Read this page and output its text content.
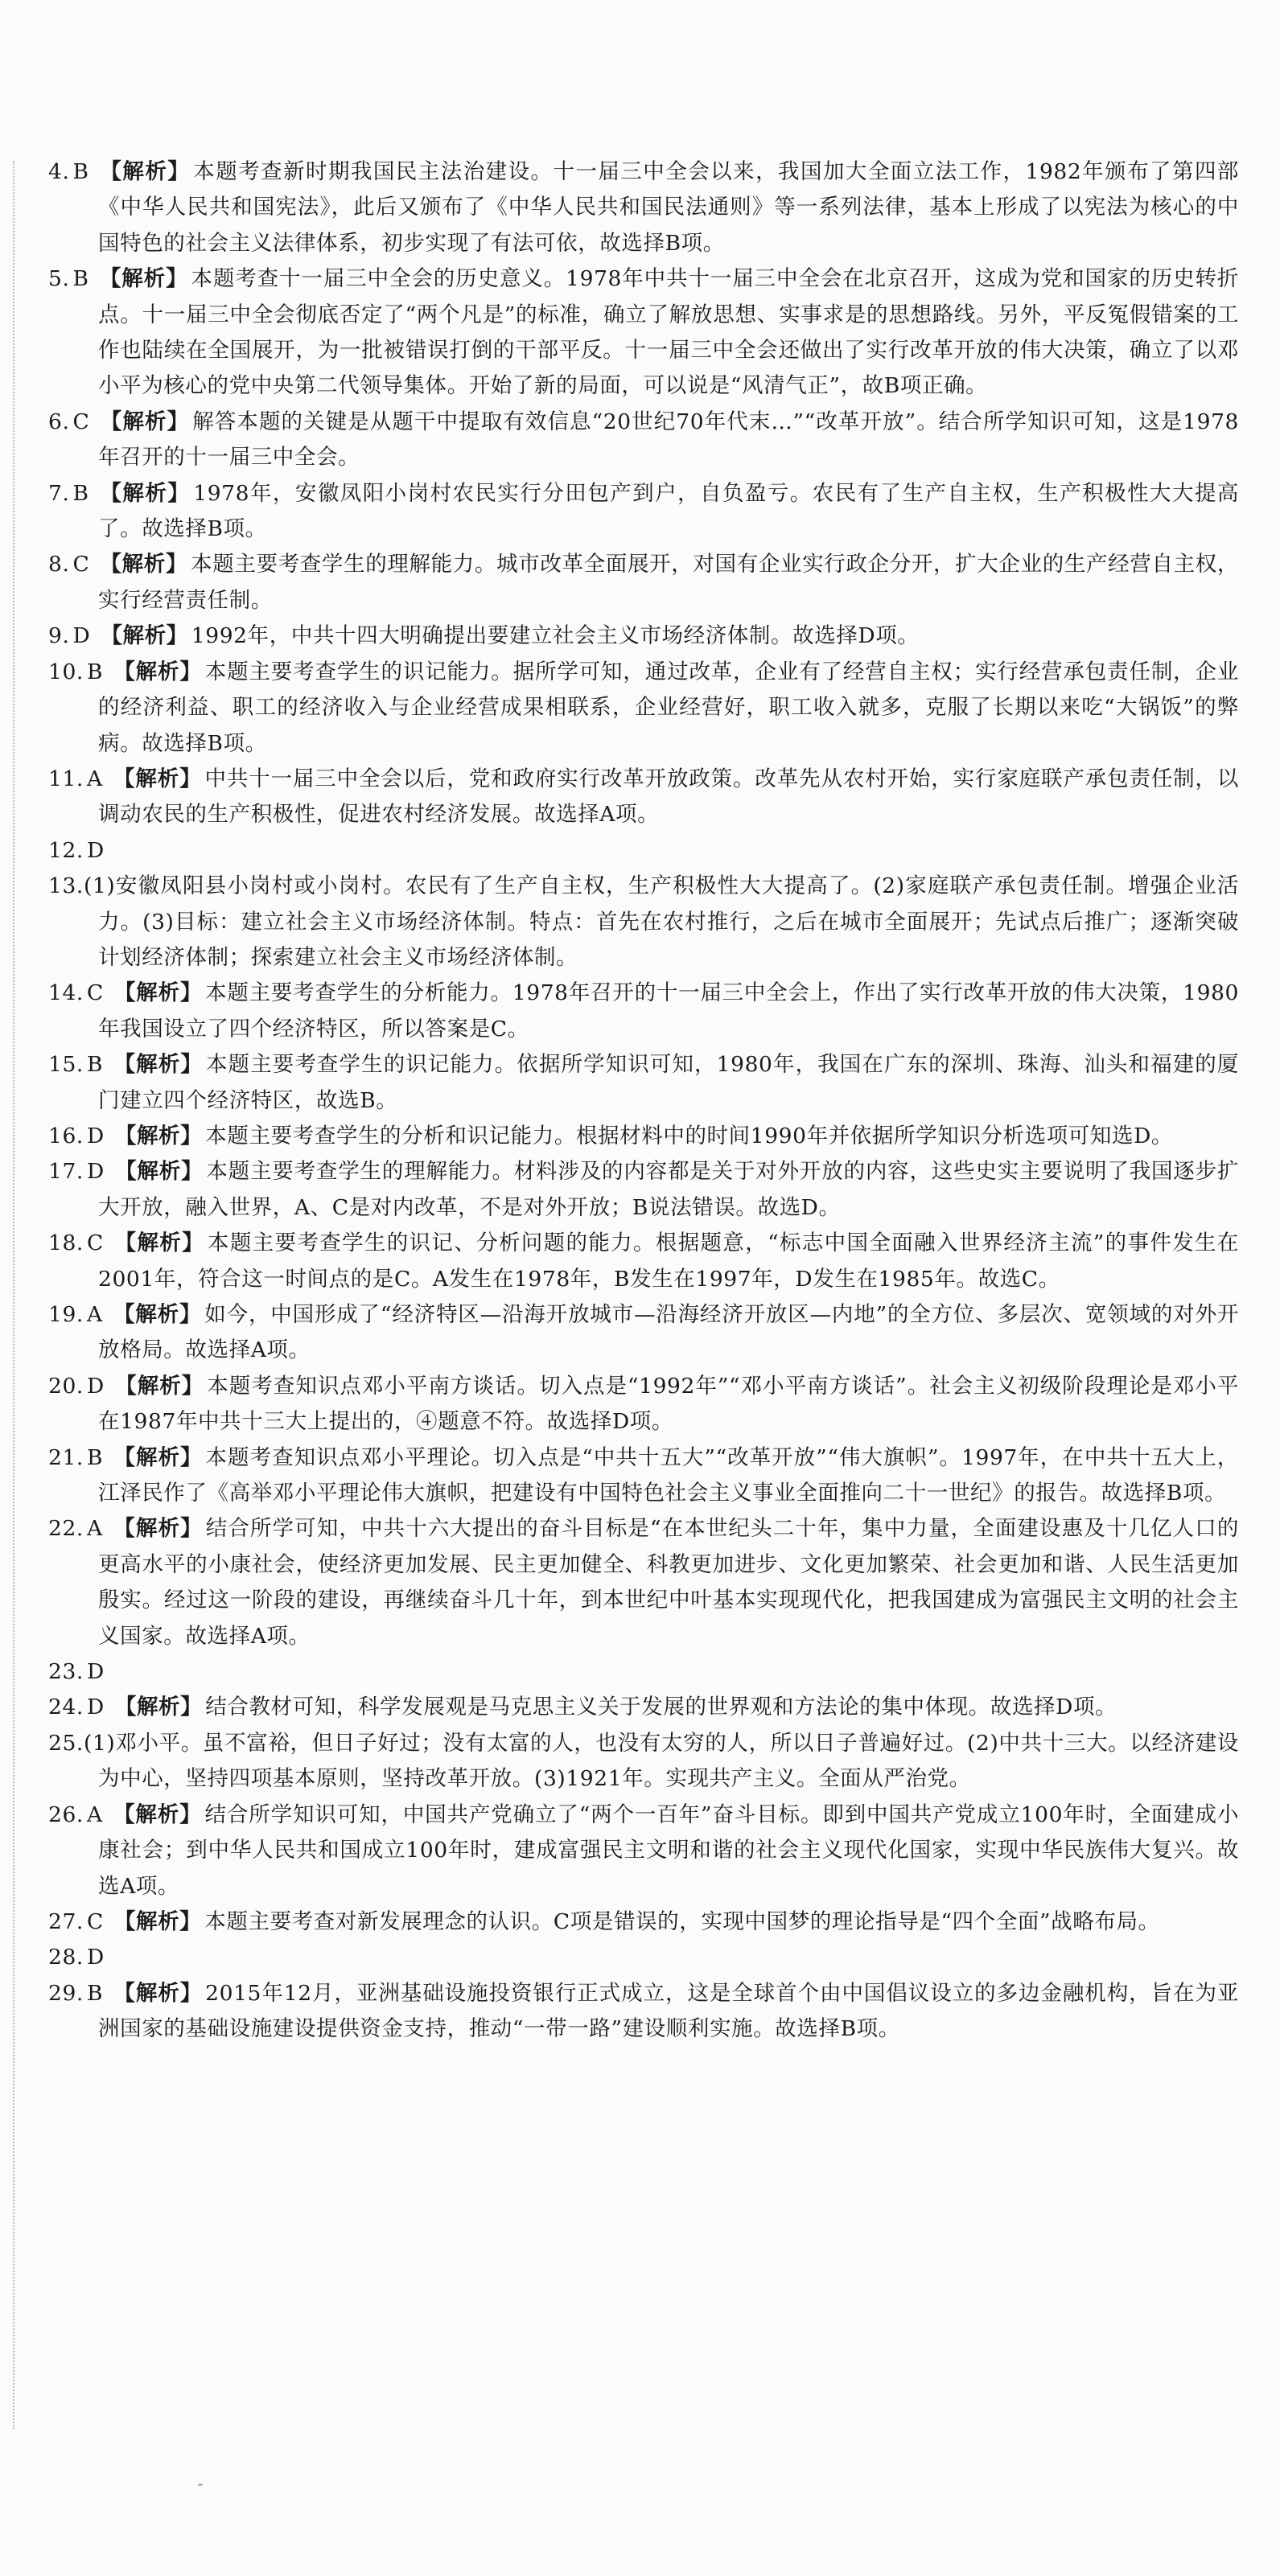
4. B 【解析】 本题考查新时期我国民主法治建设。十一届三中全会以来，我国加大全面立法工作，1982年颁布了第四部《中华人民共和国宪法》，此后又颁布了《中华人民共和国民法通则》等一系列法律，基本上形成了以宪法为核心的中国特色的社会主义法律体系，初步实现了有法可依，故选择B项。
5. B 【解析】 本题考查十一届三中全会的历史意义。1978年中共十一届三中全会在北京召开，这成为党和国家的历史转折点。十一届三中全会彻底否定了“两个凡是”的标准，确立了解放思想、实事求是的思想路线。另外，平反冤假错案的工作也陆续在全国展开，为一批被错误打倒的干部平反。十一届三中全会还做出了实行改革开放的伟大决策，确立了以邓小平为核心的党中央第二代领导集体。开始了新的局面，可以说是“风清气正”，故B项正确。
6. C 【解析】 解答本题的关键是从题干中提取有效信息“20世纪70年代末…”“改革开放”。结合所学知识可知，这是1978年召开的十一届三中全会。
7. B 【解析】 1978年，安徽凤阳小岗村农民实行分田包产到户，自负盈亏。农民有了生产自主权，生产积极性大大提高了。故选择B项。
8. C 【解析】 本题主要考查学生的理解能力。城市改革全面展开，对国有企业实行政企分开，扩大企业的生产经营自主权，实行经营责任制。
9. D 【解析】 1992年，中共十四大明确提出要建立社会主义市场经济体制。故选择D项。
10. B 【解析】 本题主要考查学生的识记能力。据所学可知，通过改革，企业有了经营自主权；实行经营承包责任制，企业的经济利益、职工的经济收入与企业经营成果相联系，企业经营好，职工收入就多，克服了长期以来吃“大锅饭”的弊病。故选择B项。
11. A 【解析】 中共十一届三中全会以后，党和政府实行改革开放政策。改革先从农村开始，实行家庭联产承包责任制，以调动农民的生产积极性，促进农村经济发展。故选择A项。
12. D
13.(1)安徽凤阳县小岗村或小岗村。农民有了生产自主权，生产积极性大大提高了。(2)家庭联产承包责任制。增强企业活力。(3)目标：建立社会主义市场经济体制。特点：首先在农村推行，之后在城市全面展开；先试点后推广；逐渐突破计划经济体制；探索建立社会主义市场经济体制。
14. C 【解析】 本题主要考查学生的分析能力。1978年召开的十一届三中全会上，作出了实行改革开放的伟大决策，1980年我国设立了四个经济特区，所以答案是C。
15. B 【解析】 本题主要考查学生的识记能力。依据所学知识可知，1980年，我国在广东的深圳、珠海、汕头和福建的厦门建立四个经济特区，故选B。
16. D 【解析】 本题主要考查学生的分析和识记能力。根据材料中的时间1990年并依据所学知识分析选项可知选D。
17. D 【解析】 本题主要考查学生的理解能力。材料涉及的内容都是关于对外开放的内容，这些史实主要说明了我国逐步扩大开放，融入世界，A、C是对内改革，不是对外开放；B说法错误。故选D。
18. C 【解析】 本题主要考查学生的识记、分析问题的能力。根据题意，“标志中国全面融入世界经济主流”的事件发生在2001年，符合这一时间点的是C。A发生在1978年，B发生在1997年，D发生在1985年。故选C。
19. A 【解析】 如今，中国形成了“经济特区—沿海开放城市—沿海经济开放区—内地”的全方位、多层次、宽领域的对外开放格局。故选择A项。
20. D 【解析】 本题考查知识点邓小平南方谈话。切入点是“1992年”“邓小平南方谈话”。社会主义初级阶段理论是邓小平在1987年中共十三大上提出的，④题意不符。故选择D项。
21. B 【解析】 本题考查知识点邓小平理论。切入点是“中共十五大”“改革开放”“伟大旗帜”。1997年，在中共十五大上，江泽民作了《高举邓小平理论伟大旗帜，把建设有中国特色社会主义事业全面推向二十一世纪》的报告。故选择B项。
22. A 【解析】 结合所学可知，中共十六大提出的奋斗目标是“在本世纪头二十年，集中力量，全面建设惠及十几亿人口的更高水平的小康社会，使经济更加发展、民主更加健全、科教更加进步、文化更加繁荣、社会更加和谐、人民生活更加殷实。经过这一阶段的建设，再继续奋斗几十年，到本世纪中叶基本实现现代化，把我国建成为富强民主文明的社会主义国家。故选择A项。
23. D
24. D 【解析】 结合教材可知，科学发展观是马克思主义关于发展的世界观和方法论的集中体现。故选择D项。
25.(1)邓小平。虽不富裕，但日子好过；没有太富的人，也没有太穷的人，所以日子普遍好过。(2)中共十三大。以经济建设为中心，坚持四项基本原则，坚持改革开放。(3)1921年。实现共产主义。全面从严治党。
26. A 【解析】 结合所学知识可知，中国共产党确立了“两个一百年”奋斗目标。即到中国共产党成立100年时，全面建成小康社会；到中华人民共和国成立100年时，建成富强民主文明和谐的社会主义现代化国家，实现中华民族伟大复兴。故选A项。
27. C 【解析】 本题主要考查对新发展理念的认识。C项是错误的，实现中国梦的理论指导是“四个全面”战略布局。
28. D
29. B 【解析】 2015年12月，亚洲基础设施投资银行正式成立，这是全球首个由中国倡议设立的多边金融机构，旨在为亚洲国家的基础设施建设提供资金支持，推动“一带一路”建设顺利实施。故选择B项。
